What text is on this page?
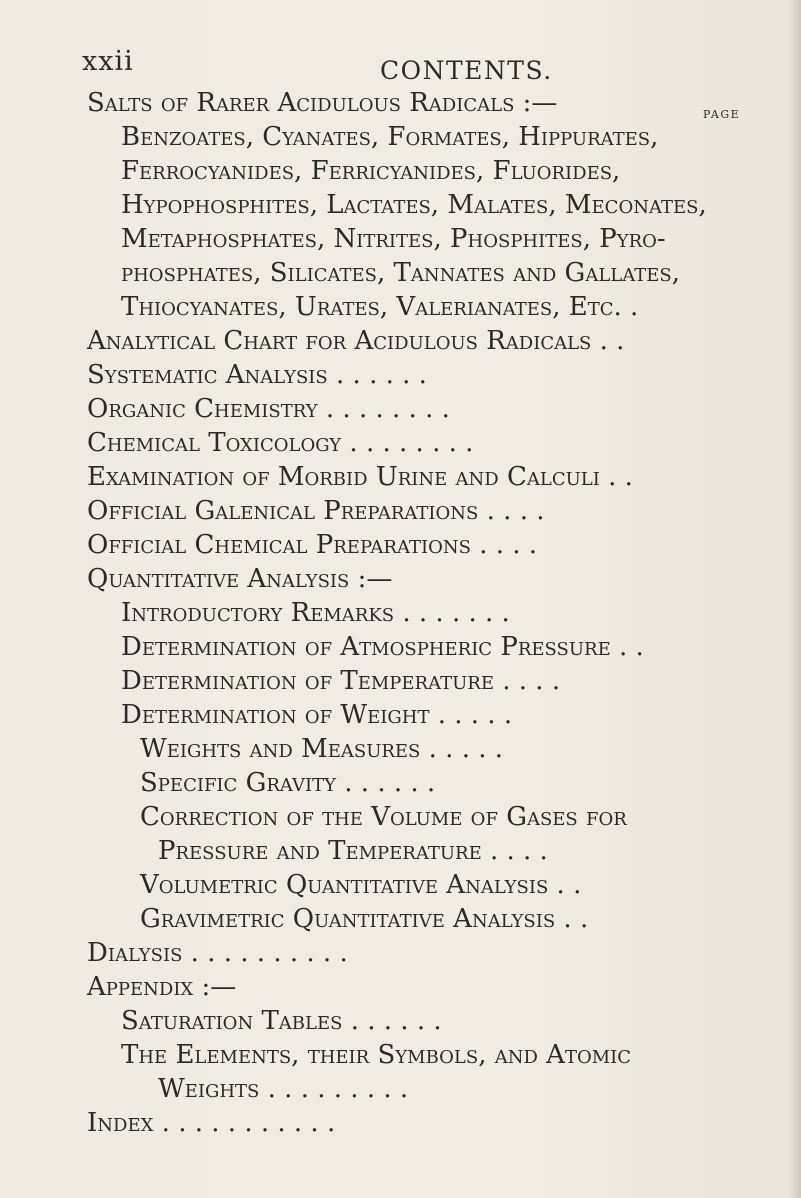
xxii	CONTENTS.
PAGE
Salts of Rarer Acidulous Radicals :—
Benzoates, Cyanates, Formates, Hippurates,
Ferrocyanides, Ferricyanides, Fluorides,
Hypophosphites, Lactates, Malates, Meconates,
Metaphosphates, Nitrites, Phosphites, Pyro-
phosphates, Silicates, Tannates and Gallates,
Thiocyanates, Urates, Valerianates, Etc. .
Analytical Chart for Acidulous Radicals . .
Systematic Analysis . . . . . .
Organic Chemistry . . . . . . . .
Chemical Toxicology . . . . . . . .
Examination of Morbid Urine and Calculi . .
Official Galenical Preparations . . . .
Official Chemical Preparations . . . .
Quantitative Analysis :—
Introductory Remarks . . . . . . .
Determination of Atmospheric Pressure . .
Determination of Temperature . . . .
Determination of Weight . . . . .
Weights and Measures . . . . .
Specific Gravity . . . . . .
Correction of the Volume of Gases for
Pressure and Temperature . . . .
Volumetric Quantitative Analysis . .
Gravimetric Quantitative Analysis . .
Dialysis . . . . . . . . . .
Appendix :—
Saturation Tables . . . . . .
The Elements, their Symbols, and Atomic
Weights . . . . . . . . .
Index . . . . . . . . . . .
